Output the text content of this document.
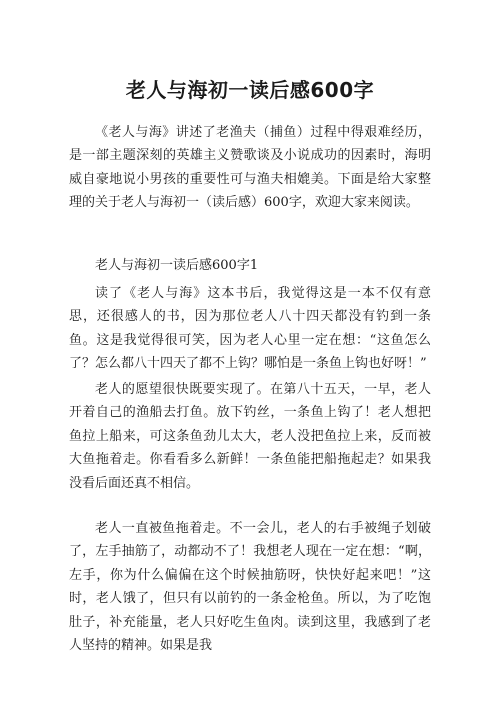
老人与海初一读后感600字

《老人与海》讲述了老渔夫（捕鱼）过程中得艰难经历，是一部主题深刻的英雄主义赞歌谈及小说成功的因素时，海明威自豪地说小男孩的重要性可与渔夫相媲美。下面是给大家整理的关于老人与海初一（读后感）600字，欢迎大家来阅读。

老人与海初一读后感600字1

读了《老人与海》这本书后，我觉得这是一本不仅有意思，还很感人的书，因为那位老人八十四天都没有钓到一条鱼。这是我觉得很可笑，因为老人心里一定在想：“这鱼怎么了？怎么都八十四天了都不上钩？哪怕是一条鱼上钩也好呀！”

老人的愿望很快既要实现了。在第八十五天，一早，老人开着自己的渔船去打鱼。放下钓丝，一条鱼上钩了！老人想把鱼拉上船来，可这条鱼劲儿太大，老人没把鱼拉上来，反而被大鱼拖着走。你看看多么新鲜！一条鱼能把船拖起走？如果我没看后面还真不相信。

老人一直被鱼拖着走。不一会儿，老人的右手被绳子划破了，左手抽筋了，动都动不了！我想老人现在一定在想：“啊，左手，你为什么偏偏在这个时候抽筋呀，快快好起来吧！”这时，老人饿了，但只有以前钓的一条金枪鱼。所以，为了吃饱肚子，补充能量，老人只好吃生鱼肉。读到这里，我感到了老人坚持的精神。如果是我
